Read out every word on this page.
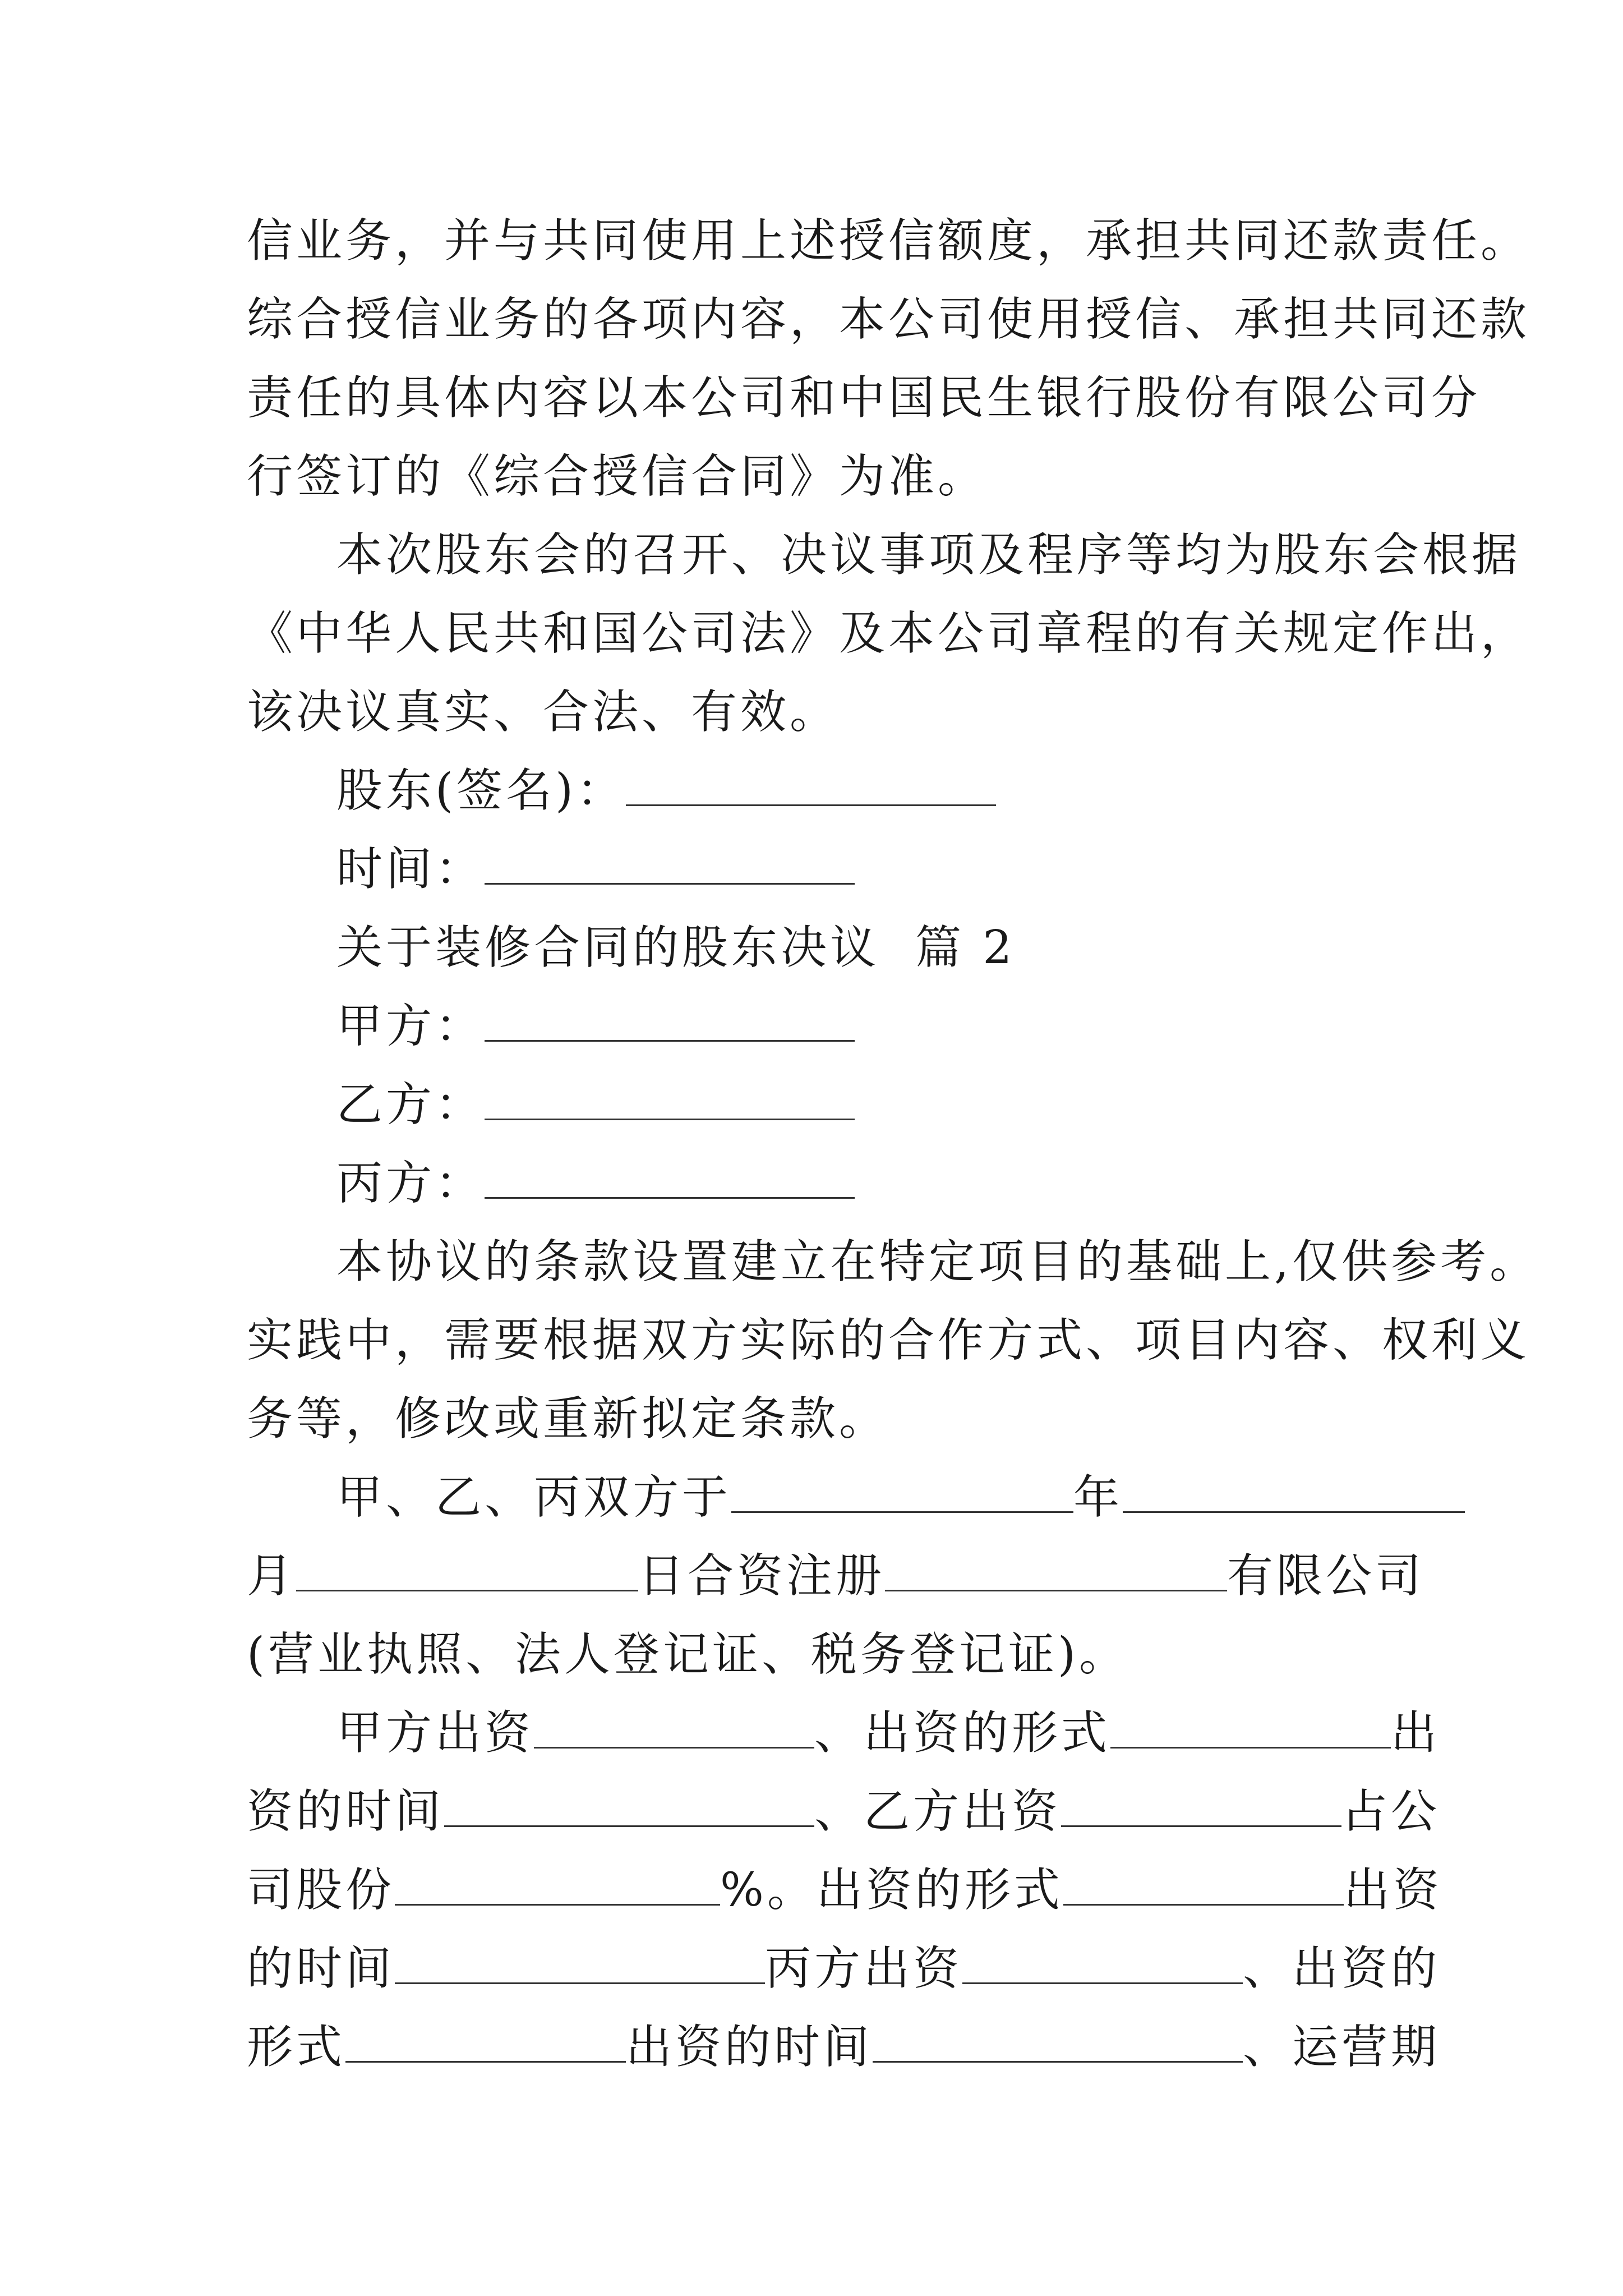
信业务，并与共同使用上述授信额度，承担共同还款责任。
综合授信业务的各项内容，本公司使用授信、承担共同还款
责任的具体内容以本公司和中国民生银行股份有限公司分
行签订的《综合授信合同》为准。
本次股东会的召开、决议事项及程序等均为股东会根据
《中华人民共和国公司法》及本公司章程的有关规定作出，
该决议真实、合法、有效。
股东(签名)：
时间：
关于装修合同的股东决议  篇 2
甲方：
乙方：
丙方：
本协议的条款设置建立在特定项目的基础上,仅供参考。
实践中，需要根据双方实际的合作方式、项目内容、权利义
务等，修改或重新拟定条款。
甲、乙、丙双方于	年
月	日合资注册	有限公司
(营业执照、法人登记证、税务登记证)。
甲方出资	、出资的形式	出
资的时间	、乙方出资	占公
司股份	%。出资的形式	出资
的时间	丙方出资	、出资的
形式	出资的时间	、运营期
